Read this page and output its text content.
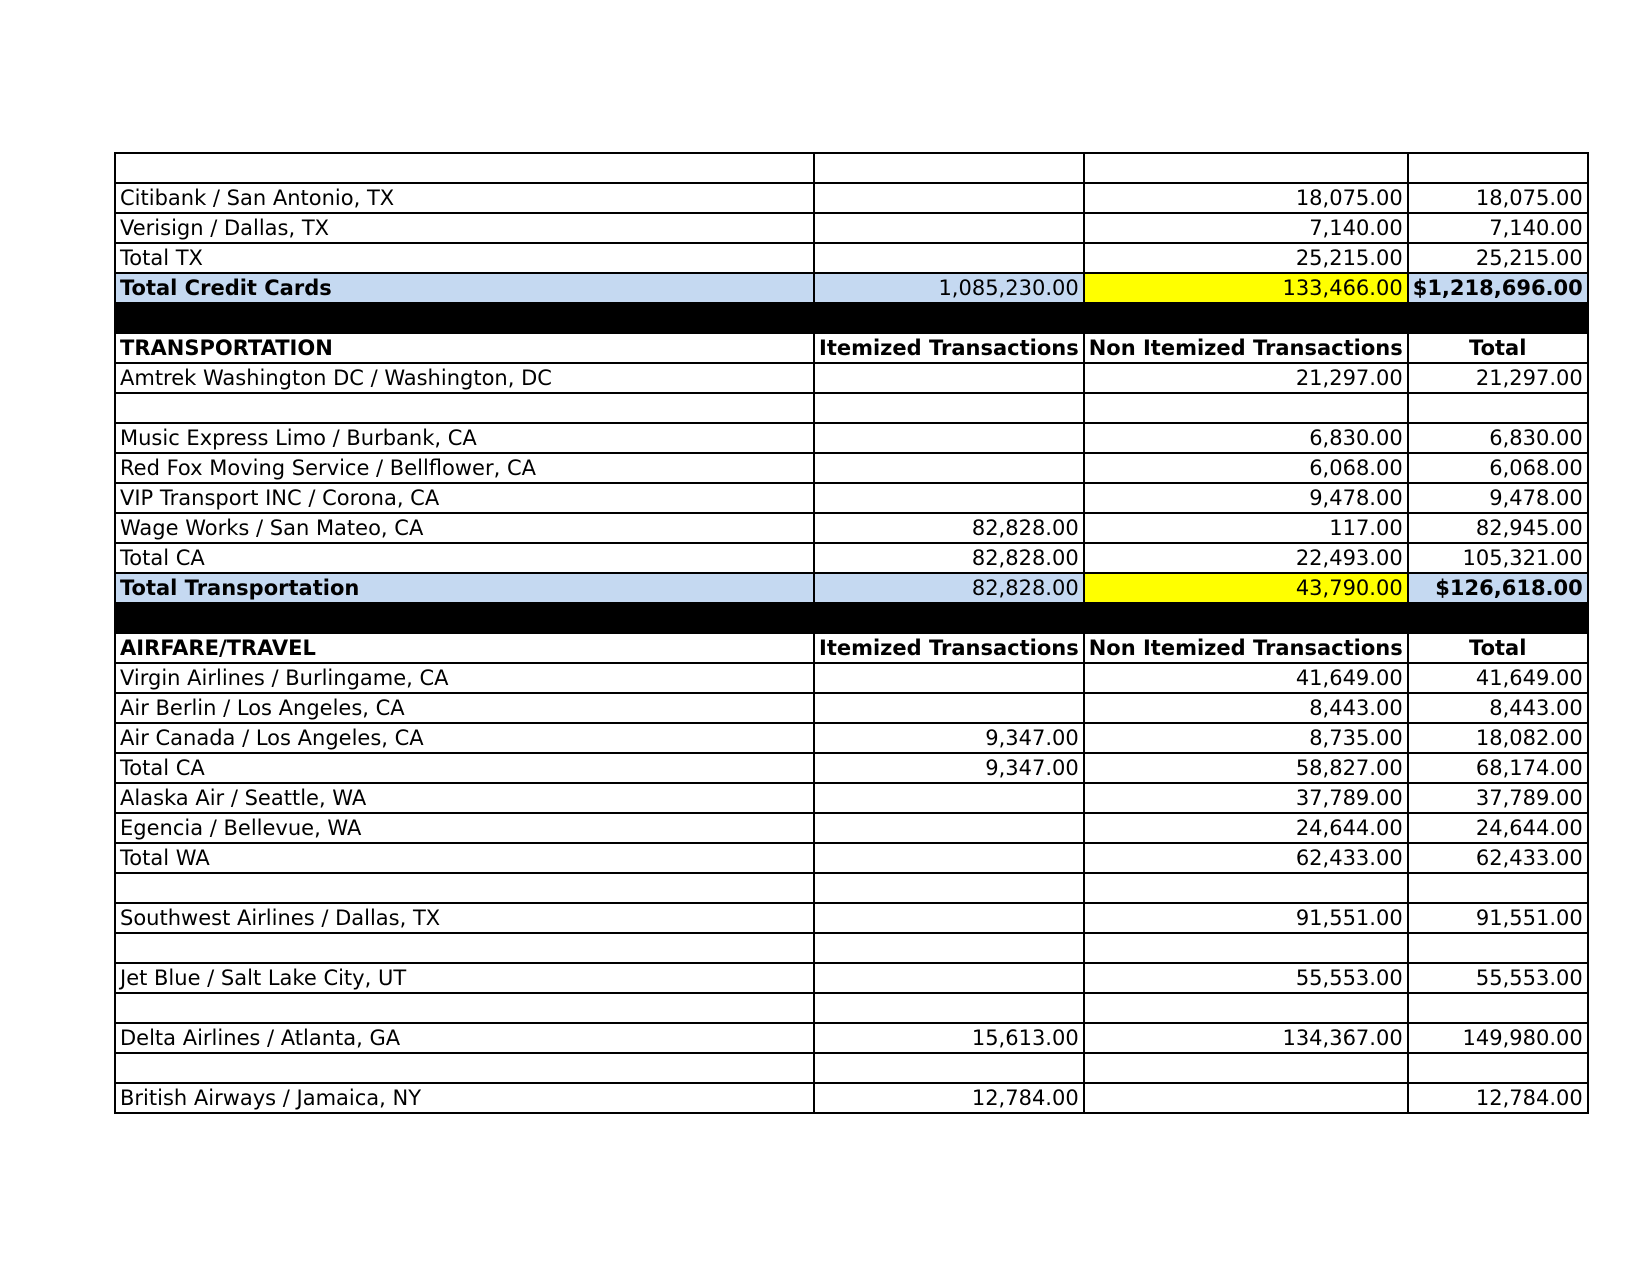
Citibank / San Antonio, TX		18,075.00	18,075.00
Verisign / Dallas, TX		7,140.00	7,140.00
Total TX		25,215.00	25,215.00
Total Credit Cards	1,085,230.00	133,466.00	$1,218,696.00

TRANSPORTATION	Itemized Transactions	Non Itemized Transactions	Total
Amtrek Washington DC / Washington, DC		21,297.00	21,297.00

Music Express Limo / Burbank, CA		6,830.00	6,830.00
Red Fox Moving Service / Bellflower, CA		6,068.00	6,068.00
VIP Transport INC / Corona, CA		9,478.00	9,478.00
Wage Works / San Mateo, CA	82,828.00	117.00	82,945.00
Total CA	82,828.00	22,493.00	105,321.00
Total Transportation	82,828.00	43,790.00	$126,618.00

AIRFARE/TRAVEL	Itemized Transactions	Non Itemized Transactions	Total
Virgin Airlines / Burlingame, CA		41,649.00	41,649.00
Air Berlin / Los Angeles, CA		8,443.00	8,443.00
Air Canada / Los Angeles, CA	9,347.00	8,735.00	18,082.00
Total CA	9,347.00	58,827.00	68,174.00
Alaska Air / Seattle, WA		37,789.00	37,789.00
Egencia / Bellevue, WA		24,644.00	24,644.00
Total WA		62,433.00	62,433.00

Southwest Airlines / Dallas, TX		91,551.00	91,551.00

Jet Blue / Salt Lake City, UT		55,553.00	55,553.00

Delta Airlines / Atlanta, GA	15,613.00	134,367.00	149,980.00

British Airways / Jamaica, NY	12,784.00		12,784.00
